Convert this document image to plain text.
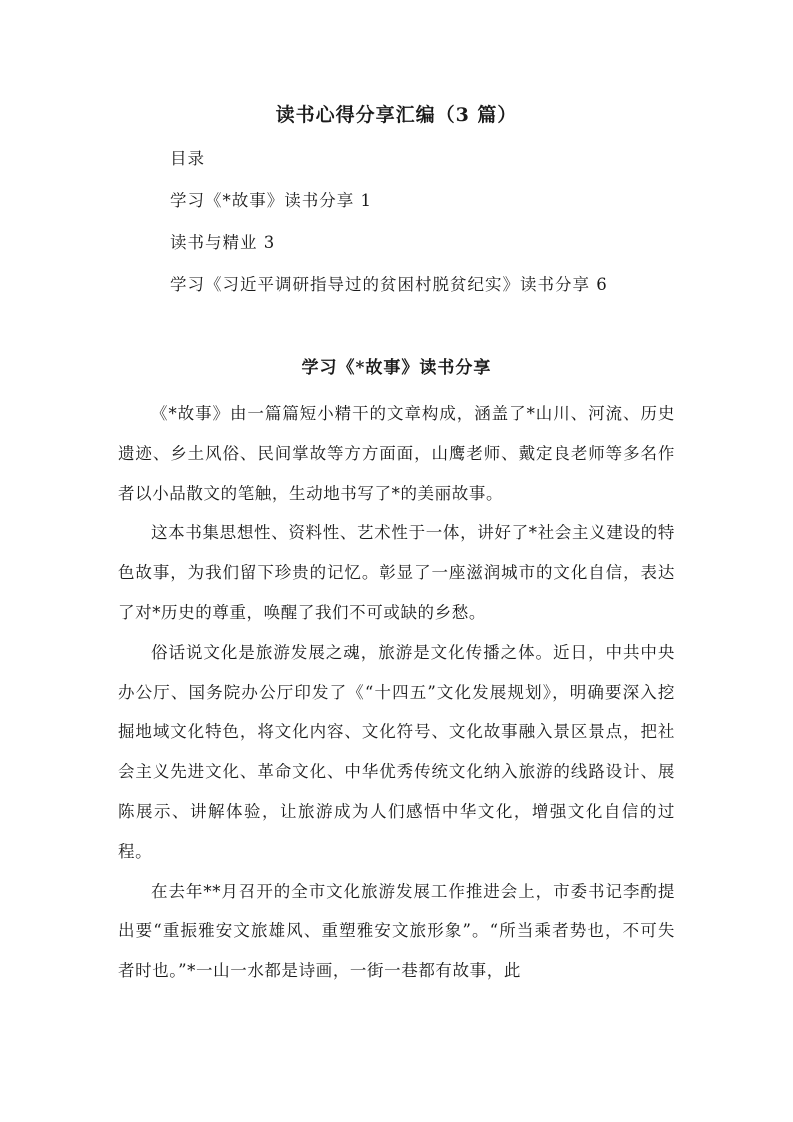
读书心得分享汇编（3 篇）
目录
学习《*故事》读书分享 1
读书与精业 3
学习《习近平调研指导过的贫困村脱贫纪实》读书分享 6
学习《*故事》读书分享

《*故事》由一篇篇短小精干的文章构成，涵盖了*山川、河流、历史遗迹、乡土风俗、民间掌故等方方面面，山鹰老师、戴定良老师等多名作者以小品散文的笔触，生动地书写了*的美丽故事。

这本书集思想性、资料性、艺术性于一体，讲好了*社会主义建设的特色故事，为我们留下珍贵的记忆。彰显了一座滋润城市的文化自信，表达了对*历史的尊重，唤醒了我们不可或缺的乡愁。

俗话说文化是旅游发展之魂，旅游是文化传播之体。近日，中共中央办公厅、国务院办公厅印发了《“十四五”文化发展规划》，明确要深入挖掘地域文化特色，将文化内容、文化符号、文化故事融入景区景点，把社会主义先进文化、革命文化、中华优秀传统文化纳入旅游的线路设计、展陈展示、讲解体验，让旅游成为人们感悟中华文化，增强文化自信的过程。

在去年**月召开的全市文化旅游发展工作推进会上，市委书记李酌提出要“重振雅安文旅雄风、重塑雅安文旅形象”。“所当乘者势也，不可失者时也。”*一山一水都是诗画，一街一巷都有故事，此
